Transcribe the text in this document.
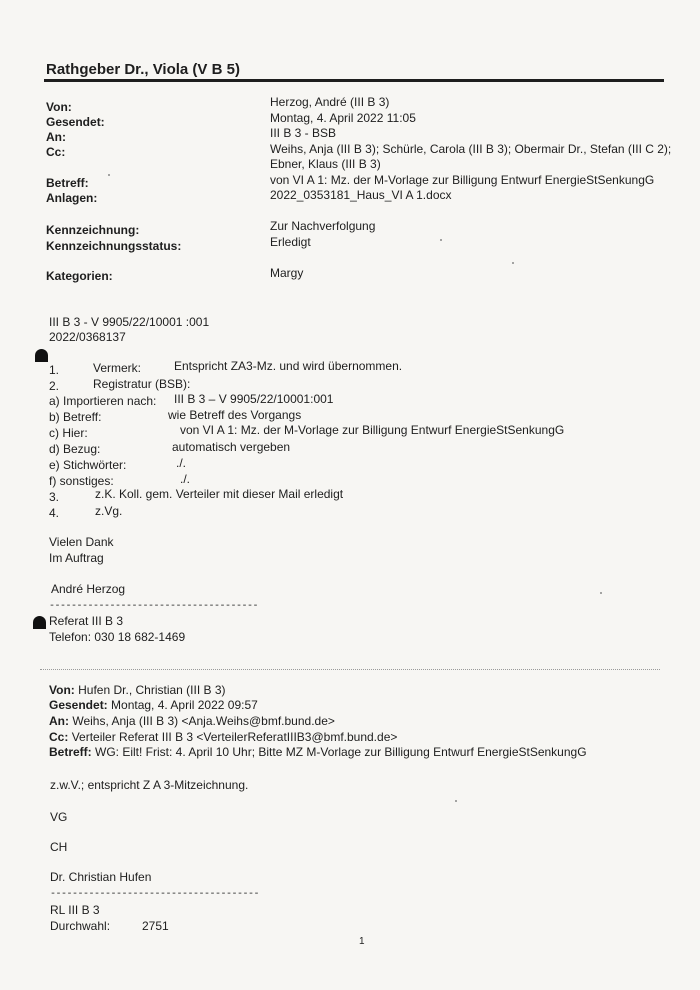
Rathgeber Dr., Viola (V B 5)
Von:	Herzog, André (III B 3)
Gesendet:	Montag, 4. April 2022 11:05
An:	III B 3 - BSB
Cc:	Weihs, Anja (III B 3); Schürle, Carola (III B 3); Obermair Dr., Stefan (III C 2);
Ebner, Klaus (III B 3)
Betreff:	von VI A 1: Mz. der M-Vorlage zur Billigung Entwurf EnergieStSenkungG
Anlagen:	2022_0353181_Haus_VI A 1.docx
Kennzeichnung:	Zur Nachverfolgung
Kennzeichnungsstatus:	Erledigt
Kategorien:	Margy
III B 3 - V 9905/22/10001 :001
2022/0368137
1.	Vermerk:	Entspricht ZA3-Mz. und wird übernommen.
2.	Registratur (BSB):
a) Importieren nach: III B 3 – V 9905/22/10001:001
b) Betreff:	wie Betreff des Vorgangs
c) Hier:	von VI A 1: Mz. der M-Vorlage zur Billigung Entwurf EnergieStSenkungG
d) Bezug:	automatisch vergeben
e) Stichwörter:	./.
f) sonstiges:	./.
3.	z.K. Koll. gem. Verteiler mit dieser Mail erledigt
4.	z.Vg.
Vielen Dank
Im Auftrag
André Herzog
--------------------------------------
Referat III B 3
Telefon: 030 18 682-1469
Von: Hufen Dr., Christian (III B 3)
Gesendet: Montag, 4. April 2022 09:57
An: Weihs, Anja (III B 3) <Anja.Weihs@bmf.bund.de>
Cc: Verteiler Referat III B 3 <VerteilerReferatIIIB3@bmf.bund.de>
Betreff: WG: Eilt! Frist: 4. April 10 Uhr; Bitte MZ M-Vorlage zur Billigung Entwurf EnergieStSenkungG
z.w.V.; entspricht Z A 3-Mitzeichnung.
VG
CH
Dr. Christian Hufen
--------------------------------------
RL III B 3
Durchwahl:	2751
1
